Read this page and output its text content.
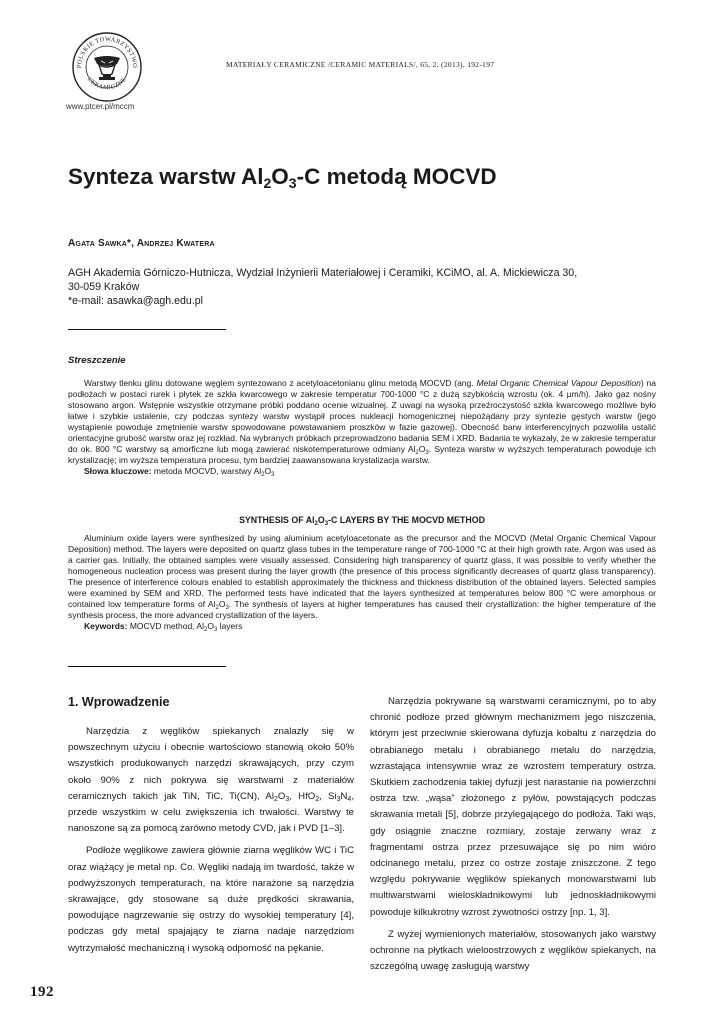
POLSKIE TOWARZYSTWO
CERAMICZNE
www.ptcer.pl/mccm
MATERIAŁY CERAMICZNE /CERAMIC MATERIALS/, 65, 2, (2013), 192-197
Synteza warstw $Al_2O_3-C$ metodą MOCVD
Agata Sawka*, Andrzej Kwatera
AGH Akademia Górniczo-Hutnicza, Wydział Inżynierii Materiałowej i Ceramiki, KCiMO, al. A. Mickiewicza 30,
30-059 Kraków
*e-mail: asawka@agh.edu.pl
Streszczenie
Warstwy tlenku glinu dotowane węglem syntezowano z acetyloacetonianu glinu metodą MOCVD (ang. Metal Organic Chemical Vapour Deposition) na podłożach w postaci rurek i płytek ze szkła kwarcowego w zakresie temperatur 700-1000 °C z dużą szybkością wzrostu (ok. 4 μm/h). Jako gaz nośny stosowano argon. Wstępnie wszystkie otrzymane próbki poddano ocenie wizualnej. Z uwagi na wysoką przeźroczystość szkła kwarcowego możliwe było łatwe i szybkie ustalenie, czy podczas syntezy warstw wystąpił proces nukleacji homogenicznej niepożądany przy syntezie gęstych warstw (jego wystąpienie powoduje zmętnienie warstw spowodowane powstawaniem proszków w fazie gazowej). Obecność barw interferencyjnych pozwoliła ustalić orientacyjne grubość warstw oraz jej rozkład. Na wybranych próbkach przeprowadzono badania SEM i XRD. Badania te wykazały, że w zakresie temperatur do ok. 800 °C warstwy są amorficzne lub mogą zawierać niskotemperaturowe odmiany $Al_2O_3$. Synteza warstw w wyższych temperaturach powoduje ich krystalizację; im wyższa temperatura procesu, tym bardziej zaawansowana krystalizacja warstw.
Słowa kluczowe: metoda MOCVD, warstwy $Al_2O_3$
SYNTHESIS OF $Al_2O_3-C$ LAYERS BY THE MOCVD METHOD
Aluminium oxide layers were synthesized by using aluminium acetyloacetonate as the precursor and the MOCVD (Metal Organic Chemical Vapour Deposition) method. The layers were deposited on quartz glass tubes in the temperature range of 700-1000 °C at their high growth rate. Argon was used as a carrier gas. Initially, the obtained samples were visually assessed. Considering high transparency of quartz glass, it was possible to verify whether the homogeneous nucleation process was present during the layer growth (the presence of this process significantly decreases of quartz glass transparency). The presence of interference colours enabled to establish approximately the thickness and thickness distribution of the obtained layers. Selected samples were examined by SEM and XRD. The performed tests have indicated that the layers synthesized at temperatures below 800 °C were amorphous or contained low temperature forms of $Al_2O_3$. The synthesis of layers at higher temperatures has caused their crystallization: the higher temperature of the synthesis process, the more advanced crystallization of the layers.
Keywords: MOCVD method, $Al_2O_3$ layers
1. Wprowadzenie

Narzędzia z węglików spiekanych znalazły się w powszechnym użyciu i obecnie wartościowo stanowią około 50% wszystkich produkowanych narzędzi skrawających, przy czym około 90% z nich pokrywa się warstwami z materiałów ceramicznych takich jak TiN, TiC, Ti(CN), $Al_2O_3$, HfO$_2$, $Si_3N_4$, przede wszystkim w celu zwiększenia ich trwałości. Warstwy te nanoszone są za pomocą zarówno metody CVD, jak i PVD [1–3].

Podłoże węglikowe zawiera głównie ziarna węglików WC i TiC oraz wiążący je metal np. Co. Węgliki nadają im twardość, także w podwyższonych temperaturach, na które narażone są narzędzia skrawające, gdy stosowane są duże prędkości skrawania, powodujące nagrzewanie się ostrzy do wysokiej temperatury [4], podczas gdy metal spajający te ziarna nadaje narzędziom wytrzymałość mechaniczną i wysoką odporność na pękanie.

Narzędzia pokrywane są warstwami ceramicznymi, po to aby chronić podłoże przed głównym mechanizmem jego niszczenia, którym jest przeciwnie skierowana dyfuzja kobaltu z narzędzia do obrabianego metalu i obrabianego metalu do narzędzia, wzrastająca intensywnie wraz ze wzrostem temperatury ostrza. Skutkiem zachodzenia takiej dyfuzji jest narastanie na powierzchni ostrza tzw. „wąsa” złożonego z pyłów, powstających podczas skrawania metali [5], dobrze przylegającego do podłoża. Taki wąs, gdy osiągnie znaczne rozmiary, zostaje zerwany wraz z fragmentami ostrza przez przesuwające się po nim wióro odcinanego metalu, przez co ostrze zostaje zniszczone. Z tego względu pokrywanie węglików spiekanych monowarstwami lub multiwarstwami wieloskładnikowymi lub jednoskładnikowymi powoduje kilkukrotny wzrost żywotności ostrzy [np. 1, 3].

Z wyżej wymienionych materiałów, stosowanych jako warstwy ochronne na płytkach wieloostrzowych z węglików spiekanych, na szczególną uwagę zasługują warstwy

192
